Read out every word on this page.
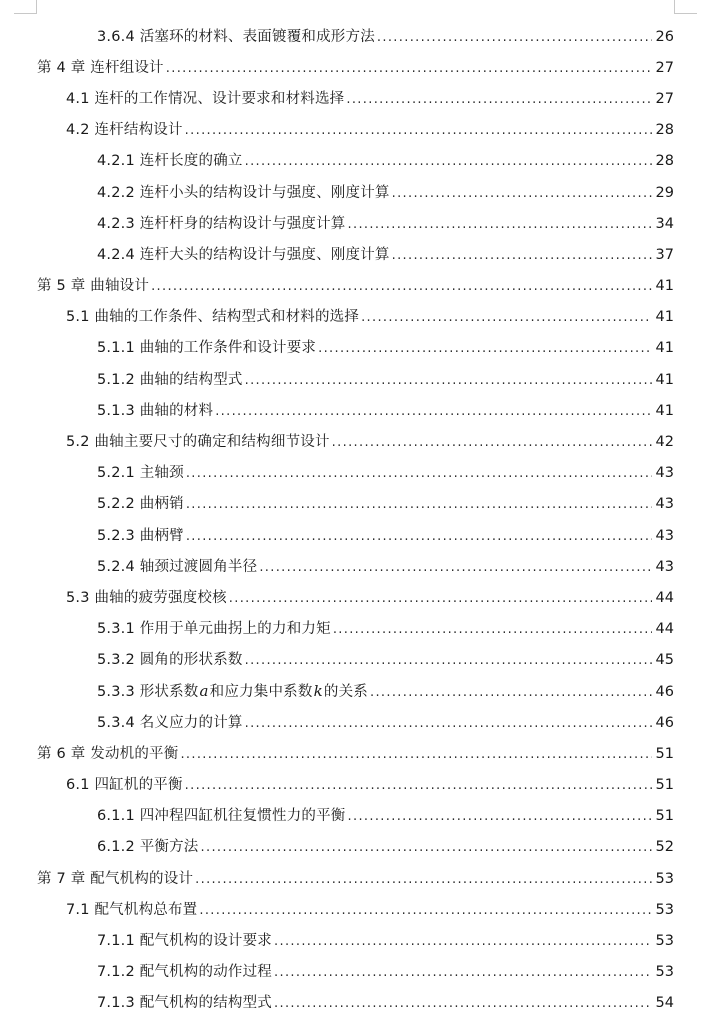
3.6.4 活塞环的材料、表面镀覆和成形方法 . . .	26
第 4 章 连杆组设计 . . .	27
4.1 连杆的工作情况、设计要求和材料选择 . . .	27
4.2 连杆结构设计 . . .	28
4.2.1 连杆长度的确立 . . .	28
4.2.2 连杆小头的结构设计与强度、刚度计算 . . .	29
4.2.3 连杆杆身的结构设计与强度计算 . . .	34
4.2.4 连杆大头的结构设计与强度、刚度计算 . . .	37
第 5 章 曲轴设计 . . .	41
5.1 曲轴的工作条件、结构型式和材料的选择 . . .	41
5.1.1 曲轴的工作条件和设计要求 . . .	41
5.1.2 曲轴的结构型式 . . .	41
5.1.3 曲轴的材料 . . .	41
5.2 曲轴主要尺寸的确定和结构细节设计 . . .	42
5.2.1 主轴颈 . . .	43
5.2.2 曲柄销 . . .	43
5.2.3 曲柄臂 . . .	43
5.2.4 轴颈过渡圆角半径 . . .	43
5.3 曲轴的疲劳强度校核 . . .	44
5.3.1 作用于单元曲拐上的力和力矩 . . .	44
5.3.2 圆角的形状系数 . . .	45
5.3.3 形状系数a和应力集中系数k的关系 . . .	46
5.3.4 名义应力的计算 . . .	46
第 6 章 发动机的平衡 . . .	51
6.1 四缸机的平衡 . . .	51
6.1.1 四冲程四缸机往复惯性力的平衡 . . .	51
6.1.2 平衡方法 . . .	52
第 7 章 配气机构的设计 . . .	53
7.1 配气机构总布置 . . .	53
7.1.1 配气机构的设计要求 . . .	53
7.1.2 配气机构的动作过程 . . .	53
7.1.3 配气机构的结构型式 . . .	54
